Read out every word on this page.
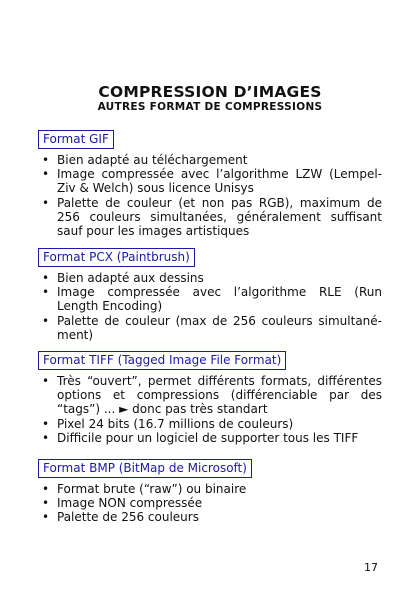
COMPRESSION D’IMAGES
AUTRES FORMAT DE COMPRESSIONS
Format GIF
• Bien adapté au téléchargement
• Image compressée avec l’algorithme LZW (Lempel-Ziv & Welch) sous licence Unisys
• Palette de couleur (et non pas RGB), maximum de 256 couleurs simultanées, généralement suffisant sauf pour les images artistiques
Format PCX (Paintbrush)
• Bien adapté aux dessins
• Image compressée avec l’algorithme RLE (Run Length Encoding)
• Palette de couleur (max de 256 couleurs simultané-ment)
Format TIFF (Tagged Image File Format)
• Très “ouvert”, permet différents formats, différentes options et compressions (différenciable par des “tags”) ... ► donc pas très standart
• Pixel 24 bits (16.7 millions de couleurs)
• Difficile pour un logiciel de supporter tous les TIFF
Format BMP (BitMap de Microsoft)
• Format brute (“raw”) ou binaire
• Image NON compressée
• Palette de 256 couleurs
17
